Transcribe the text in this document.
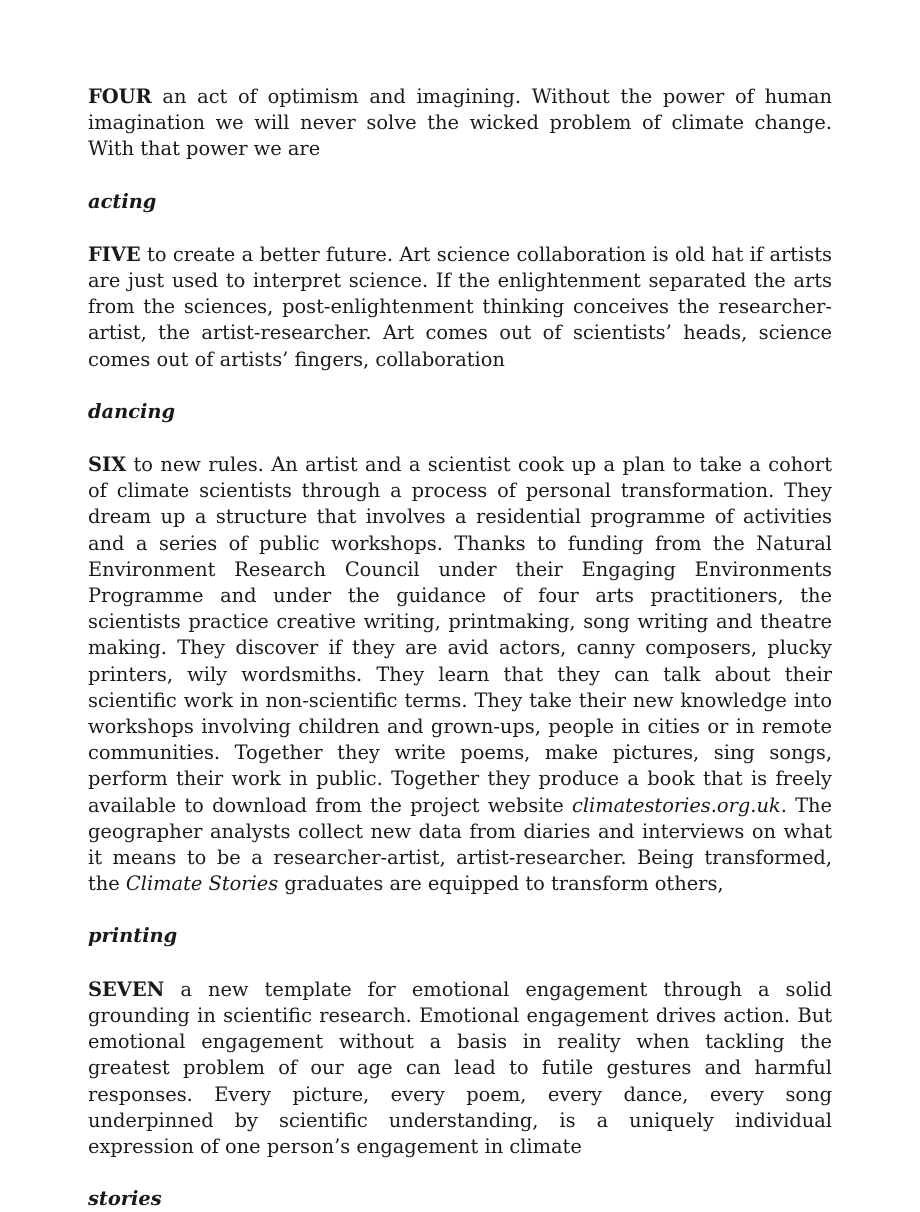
FOUR an act of optimism and imagining. Without the power of human imagination we will never solve the wicked problem of climate change. With that power we are

acting

FIVE to create a better future. Art science collaboration is old hat if artists are just used to interpret science. If the enlightenment separated the arts from the sciences, post-enlightenment thinking conceives the researcher-artist, the artist-researcher. Art comes out of scientists’ heads, science comes out of artists’ fingers, collaboration

dancing

SIX to new rules. An artist and a scientist cook up a plan to take a cohort of climate scientists through a process of personal transformation. They dream up a structure that involves a residential programme of activities and a series of public workshops. Thanks to funding from the Natural Environment Research Council under their Engaging Environments Programme and under the guidance of four arts practitioners, the scientists practice creative writing, printmaking, song writing and theatre making. They discover if they are avid actors, canny composers, plucky printers, wily wordsmiths. They learn that they can talk about their scientific work in non-scientific terms. They take their new knowledge into workshops involving children and grown-ups, people in cities or in remote communities. Together they write poems, make pictures, sing songs, perform their work in public. Together they produce a book that is freely available to download from the project website climatestories.org.uk. The geographer analysts collect new data from diaries and interviews on what it means to be a researcher-artist, artist-researcher. Being transformed, the Climate Stories graduates are equipped to transform others,

printing

SEVEN a new template for emotional engagement through a solid grounding in scientific research. Emotional engagement drives action. But emotional engagement without a basis in reality when tackling the greatest problem of our age can lead to futile gestures and harmful responses. Every picture, every poem, every dance, every song underpinned by scientific understanding, is a uniquely individual expression of one person’s engagement in climate

stories
